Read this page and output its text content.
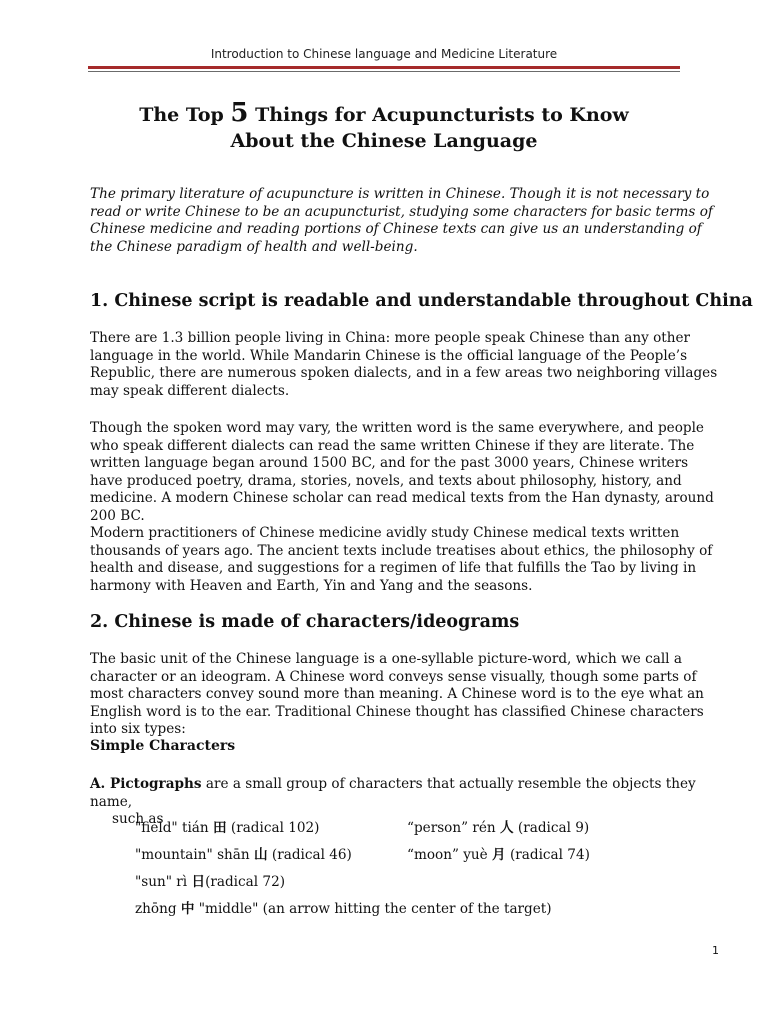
Introduction to Chinese language and Medicine Literature
The Top 5 Things for Acupuncturists to Know
About the Chinese Language
The primary literature of acupuncture is written in Chinese. Though it is not necessary to read or write Chinese to be an acupuncturist, studying some characters for basic terms of Chinese medicine and reading portions of Chinese texts can give us an understanding of the Chinese paradigm of health and well-being.
1. Chinese script is readable and understandable throughout China
There are 1.3 billion people living in China: more people speak Chinese than any other language in the world. While Mandarin Chinese is the official language of the People’s Republic, there are numerous spoken dialects, and in a few areas two neighboring villages may speak different dialects.
Though the spoken word may vary, the written word is the same everywhere, and people who speak different dialects can read the same written Chinese if they are literate. The written language began around 1500 BC, and for the past 3000 years, Chinese writers have produced poetry, drama, stories, novels, and texts about philosophy, history, and medicine. A modern Chinese scholar can read medical texts from the Han dynasty, around 200 BC.
Modern practitioners of Chinese medicine avidly study Chinese medical texts written thousands of years ago. The ancient texts include treatises about ethics, the philosophy of health and disease, and suggestions for a regimen of life that fulfills the Tao by living in harmony with Heaven and Earth, Yin and Yang and the seasons.
2. Chinese is made of characters/ideograms
The basic unit of the Chinese language is a one-syllable picture-word, which we call a character or an ideogram. A Chinese word conveys sense visually, though some parts of most characters convey sound more than meaning. A Chinese word is to the eye what an English word is to the ear. Traditional Chinese thought has classified Chinese characters into six types:
Simple Characters
A. Pictographs are a small group of characters that actually resemble the objects they name,
such as
"field" tián 田 (radical 102)	“person” rén 人 (radical 9)
"mountain" shān 山 (radical 46)	“moon” yuè 月 (radical 74)
"sun" rì 日(radical 72)
zhōng 中 "middle" (an arrow hitting the center of the target)
1
